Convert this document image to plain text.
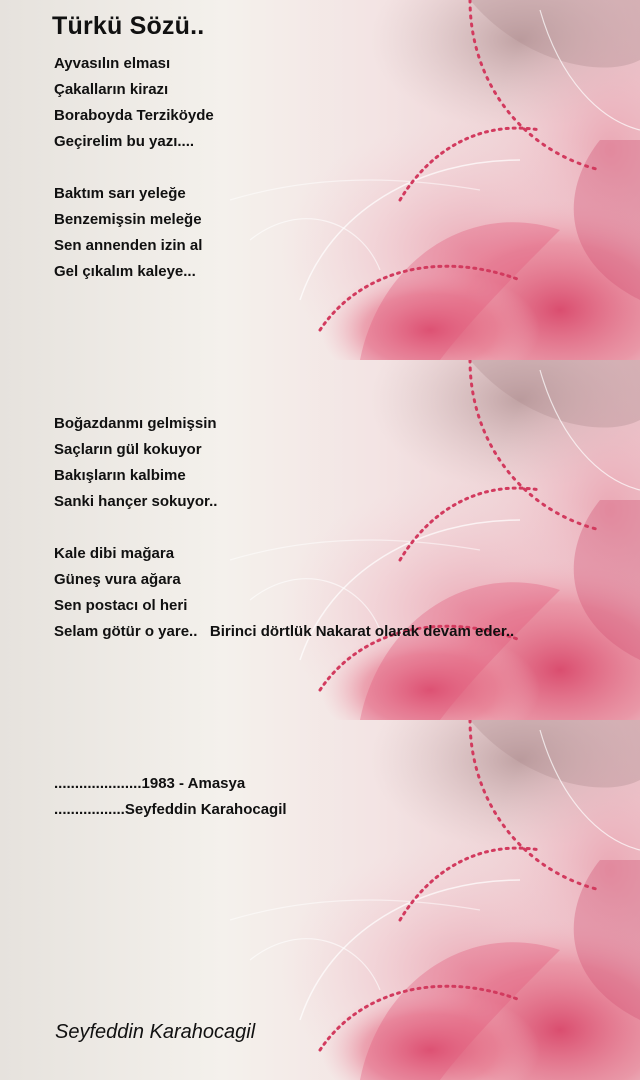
Türkü Sözü..

Ayvasılın elması

Çakalların kirazı

Boraboyda Terziköyde

Geçirelim bu yazı....

Baktım sarı yeleğe

Benzemişsin meleğe

Sen annenden izin al

Gel çıkalım kaleye...

Boğazdanmı gelmişsin

Saçların gül kokuyor

Bakışların kalbime

Sanki hançer sokuyor..

Kale dibi mağara

Güneş vura ağara

Sen postacı ol heri

Selam götür o yare..   Birinci dörtlük Nakarat olarak devam eder..

.....................1983 - Amasya

.................Seyfeddin Karahocagil

Seyfeddin Karahocagil
